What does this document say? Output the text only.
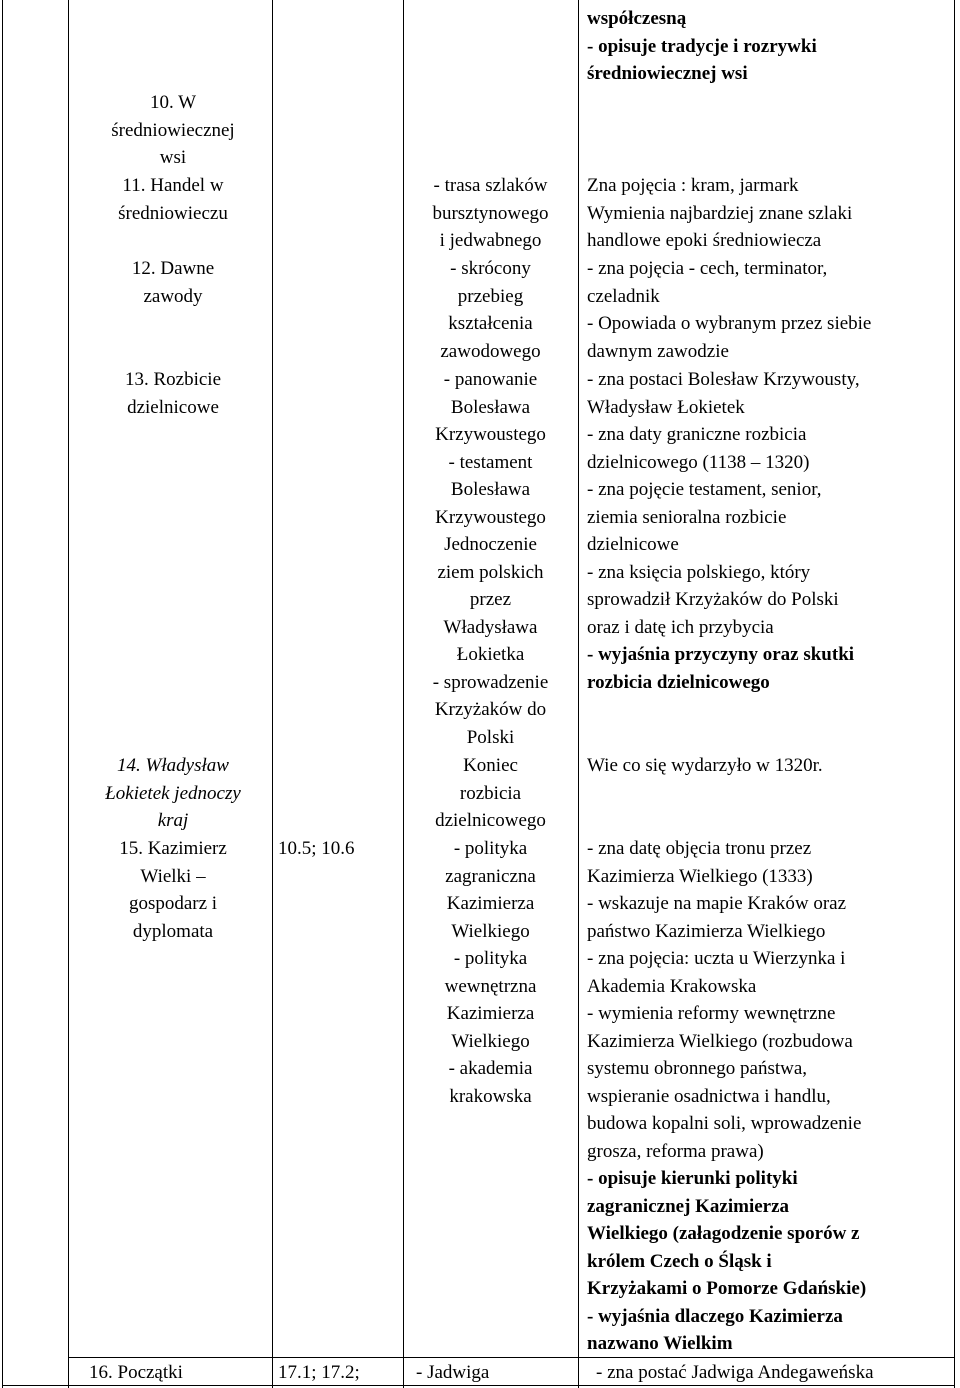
10. W
średniowiecznej
wsi
11. Handel w
średniowieczu
12. Dawne
zawody
13. Rozbicie
dzielnicowe
14. Władysław
Łokietek jednoczy
kraj
15. Kazimierz
Wielki –
gospodarz i
dyplomata
16. Początki
10.5; 10.6
17.1; 17.2;
- trasa szlaków
bursztynowego
i jedwabnego
- skrócony
przebieg
kształcenia
zawodowego
- panowanie
Bolesława
Krzywoustego
- testament
Bolesława
Krzywoustego
Jednoczenie
ziem polskich
przez
Władysława
Łokietka
- sprowadzenie
Krzyżaków do
Polski
Koniec
rozbicia
dzielnicowego
- polityka
zagraniczna
Kazimierza
Wielkiego
- polityka
wewnętrzna
Kazimierza
Wielkiego
- akademia
krakowska
- Jadwiga
współczesną
- opisuje tradycje i rozrywki
średniowiecznej wsi
Zna pojęcia : kram, jarmark
Wymienia najbardziej znane szlaki
handlowe epoki średniowiecza
- zna pojęcia - cech, terminator,
czeladnik
- Opowiada o wybranym przez siebie
dawnym zawodzie
- zna postaci Bolesław Krzywousty,
Władysław Łokietek
- zna daty graniczne rozbicia
dzielnicowego (1138 – 1320)
- zna pojęcie testament, senior,
ziemia senioralna rozbicie
dzielnicowe
- zna księcia polskiego, który
sprowadził Krzyżaków do Polski
oraz i datę ich przybycia
- wyjaśnia przyczyny oraz skutki
rozbicia dzielnicowego
Wie co się wydarzyło w 1320r.
- zna datę objęcia tronu przez
Kazimierza Wielkiego (1333)
- wskazuje na mapie Kraków oraz
państwo Kazimierza Wielkiego
- zna pojęcia: uczta u Wierzynka i
Akademia Krakowska
- wymienia reformy wewnętrzne
Kazimierza Wielkiego (rozbudowa
systemu obronnego państwa,
wspieranie osadnictwa i handlu,
budowa kopalni soli, wprowadzenie
grosza, reforma prawa)
- opisuje kierunki polityki
zagranicznej Kazimierza
Wielkiego (załagodzenie sporów z
królem Czech o Śląsk i
Krzyżakami o Pomorze Gdańskie)
- wyjaśnia dlaczego Kazimierza
nazwano Wielkim
- zna postać Jadwiga Andegaweńska
